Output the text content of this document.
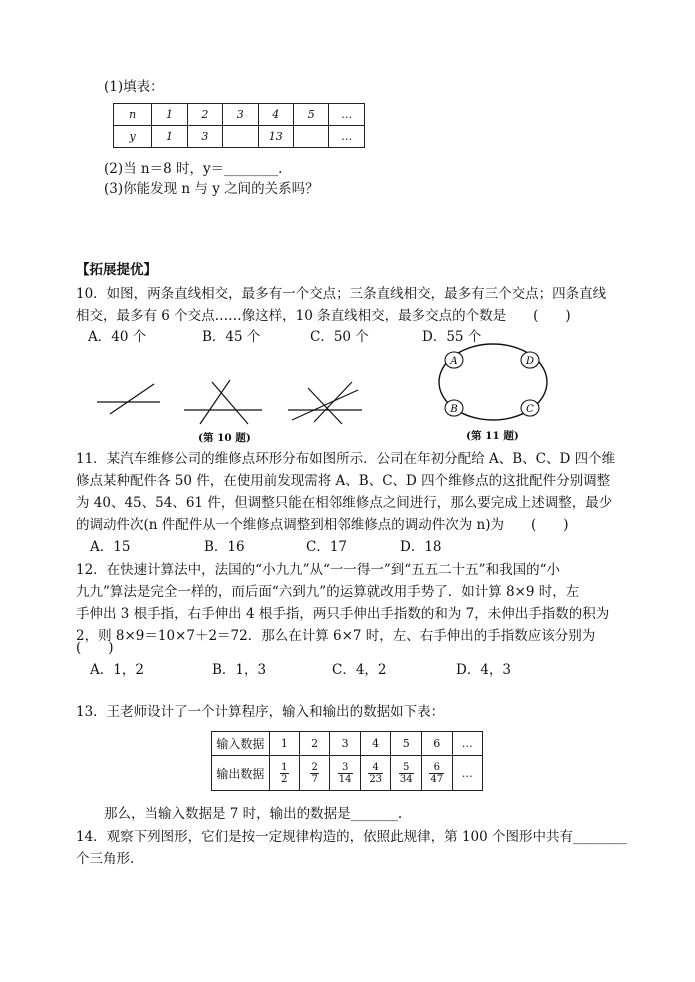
(1)填表：
n	1	2	3	4	5	…
y	1	3		13		…
(2)当 n＝8 时，y＝________.
(3)你能发现 n 与 y 之间的关系吗？
【拓展提优】
10．如图，两条直线相交，最多有一个交点；三条直线相交，最多有三个交点；四条直线
相交，最多有 6 个交点……像这样，10 条直线相交，最多交点的个数是　　(　　)
A．40 个	B．45 个	C．50 个	D．55 个
(第 10 题)
A	D
B	C
(第 11 题)
11．某汽车维修公司的维修点环形分布如图所示．公司在年初分配给 A、B、C、D 四个维
修点某种配件各 50 件，在使用前发现需将 A、B、C、D 四个维修点的这批配件分别调整
为 40、45、54、61 件，但调整只能在相邻维修点之间进行，那么要完成上述调整，最少
的调动件次(n 件配件从一个维修点调整到相邻维修点的调动件次为 n)为　　(　　)
A．15	B．16	C．17	D．18
12．在快速计算法中，法国的“小九九”从“一一得一”到“五五二十五”和我国的“小
九九”算法是完全一样的，而后面“六到九”的运算就改用手势了．如计算 8×9 时，左
手伸出 3 根手指，右手伸出 4 根手指，两只手伸出手指数的和为 7，未伸出手指数的积为
2，则 8×9＝10×7＋2＝72．那么在计算 6×7 时，左、右手伸出的手指数应该分别为
(　　)
A．1，2	B．1，3	C．4，2	D．4，3
13．王老师设计了一个计算程序，输入和输出的数据如下表：
输入数据	1	2	3	4	5	6	…
输出数据	$\frac{1}{2}$	$\frac{2}{7}$	$\frac{3}{14}$	$\frac{4}{23}$	$\frac{5}{34}$	$\frac{6}{47}$	…
那么，当输入数据是 7 时，输出的数据是_______.
14．观察下列图形，它们是按一定规律构造的，依照此规律，第 100 个图形中共有________
个三角形.
